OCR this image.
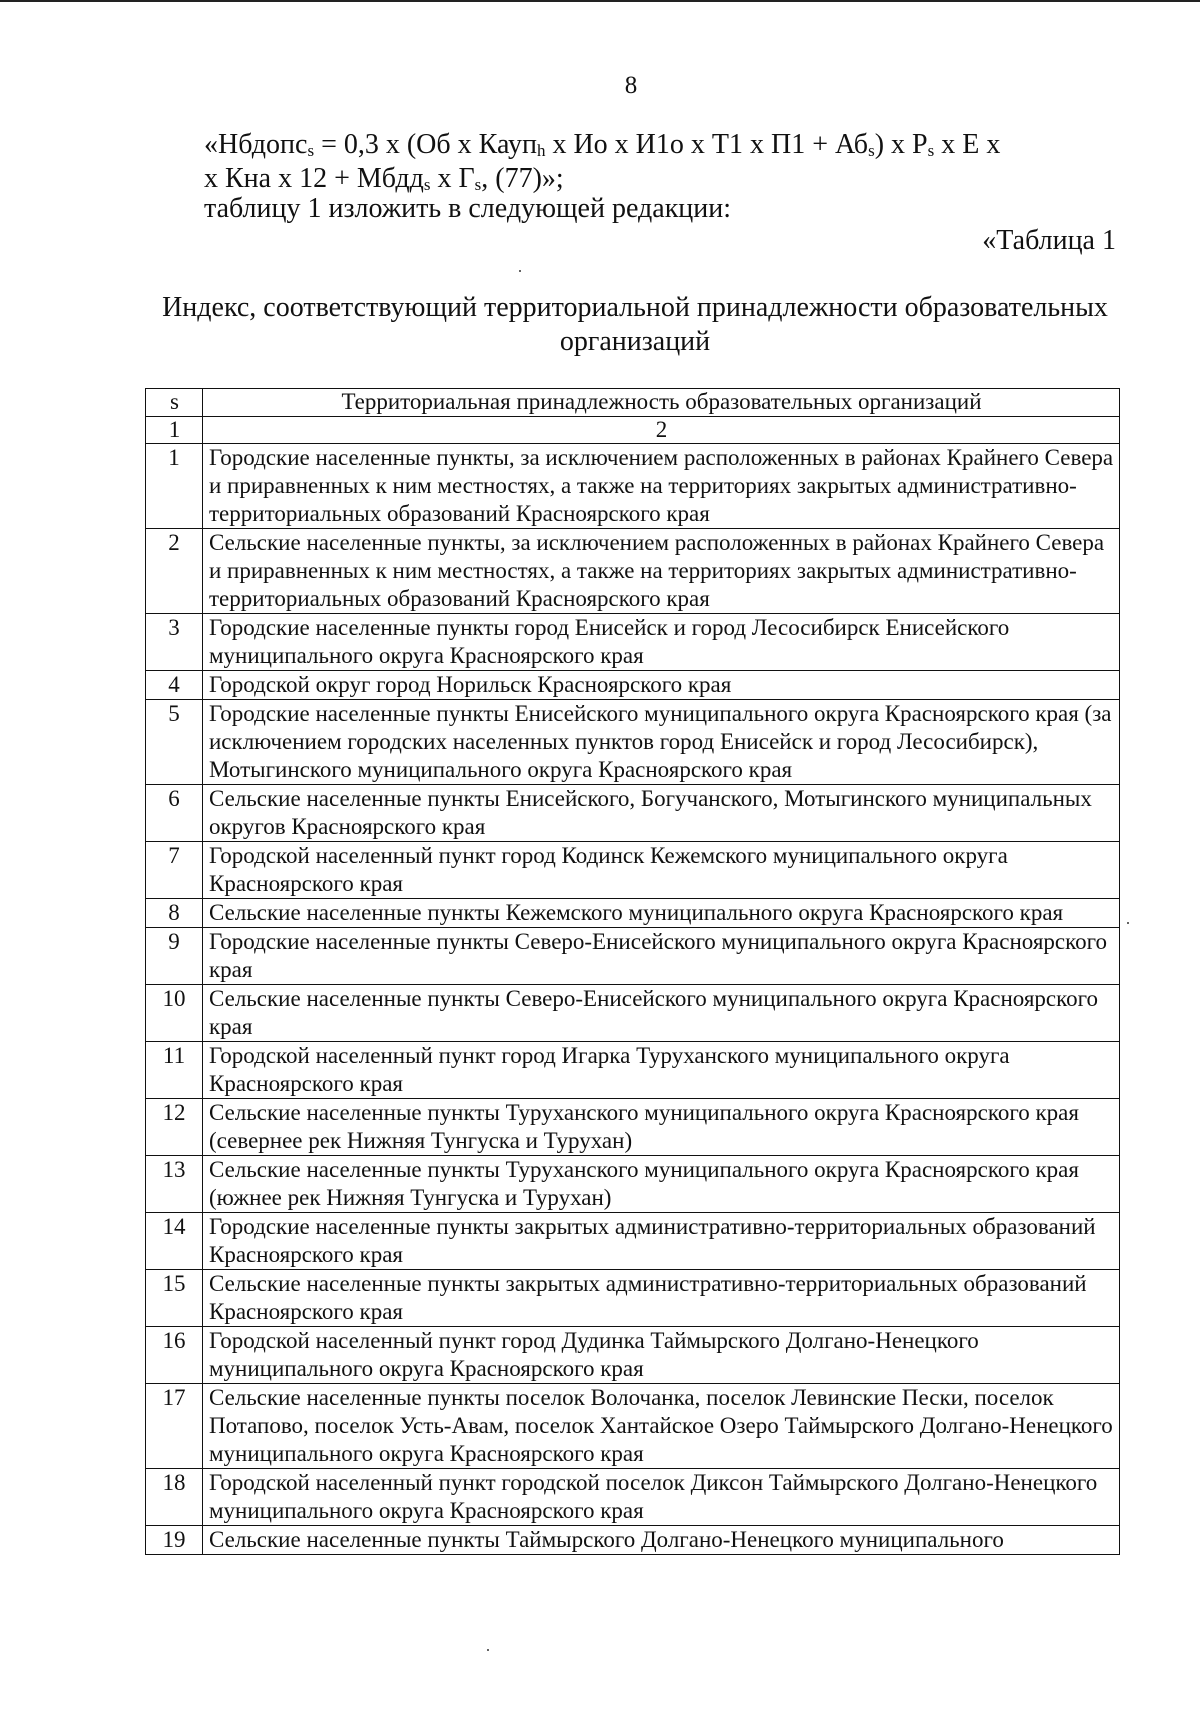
8
«Нбдопс$_s$ = 0,3 х (Об х Кауп$_h$ х Ио х И1о х Т1 х $П1 + Аб_s$) х $Р_s$ х Е х
х Кна х 12 + Мбдд$_s$ х $Г_s$, (77)»;
таблицу 1 изложить в следующей редакции:
«Таблица 1
Индекс, соответствующий территориальной принадлежности образовательных
организаций
s	Территориальная принадлежность образовательных организаций
1	2
1	Городские населенные пункты, за исключением расположенных в районах Крайнего Севера и приравненных к ним местностях, а также на территориях закрытых административно-территориальных образований Красноярского края
2	Сельские населенные пункты, за исключением расположенных в районах Крайнего Севера и приравненных к ним местностях, а также на территориях закрытых административно-территориальных образований Красноярского края
3	Городские населенные пункты город Енисейск и город Лесосибирск Енисейского муниципального округа Красноярского края
4	Городской округ город Норильск Красноярского края
5	Городские населенные пункты Енисейского муниципального округа Красноярского края (за исключением городских населенных пунктов город Енисейск и город Лесосибирск), Мотыгинского муниципального округа Красноярского края
6	Сельские населенные пункты Енисейского, Богучанского, Мотыгинского муниципальных округов Красноярского края
7	Городской населенный пункт город Кодинск Кежемского муниципального округа Красноярского края
8	Сельские населенные пункты Кежемского муниципального округа Красноярского края
9	Городские населенные пункты Северо-Енисейского муниципального округа Красноярского края
10	Сельские населенные пункты Северо-Енисейского муниципального округа Красноярского края
11	Городской населенный пункт город Игарка Туруханского муниципального округа Красноярского края
12	Сельские населенные пункты Туруханского муниципального округа Красноярского края (севернее рек Нижняя Тунгуска и Турухан)
13	Сельские населенные пункты Туруханского муниципального округа Красноярского края (южнее рек Нижняя Тунгуска и Турухан)
14	Городские населенные пункты закрытых административно-территориальных образований Красноярского края
15	Сельские населенные пункты закрытых административно-территориальных образований Красноярского края
16	Городской населенный пункт город Дудинка Таймырского Долгано-Ненецкого муниципального округа Красноярского края
17	Сельские населенные пункты поселок Волочанка, поселок Левинские Пески, поселок Потапово, поселок Усть-Авам, поселок Хантайское Озеро Таймырского Долгано-Ненецкого муниципального округа Красноярского края
18	Городской населенный пункт городской поселок Диксон Таймырского Долгано-Ненецкого муниципального округа Красноярского края
19	Сельские населенные пункты Таймырского Долгано-Ненецкого муниципального
